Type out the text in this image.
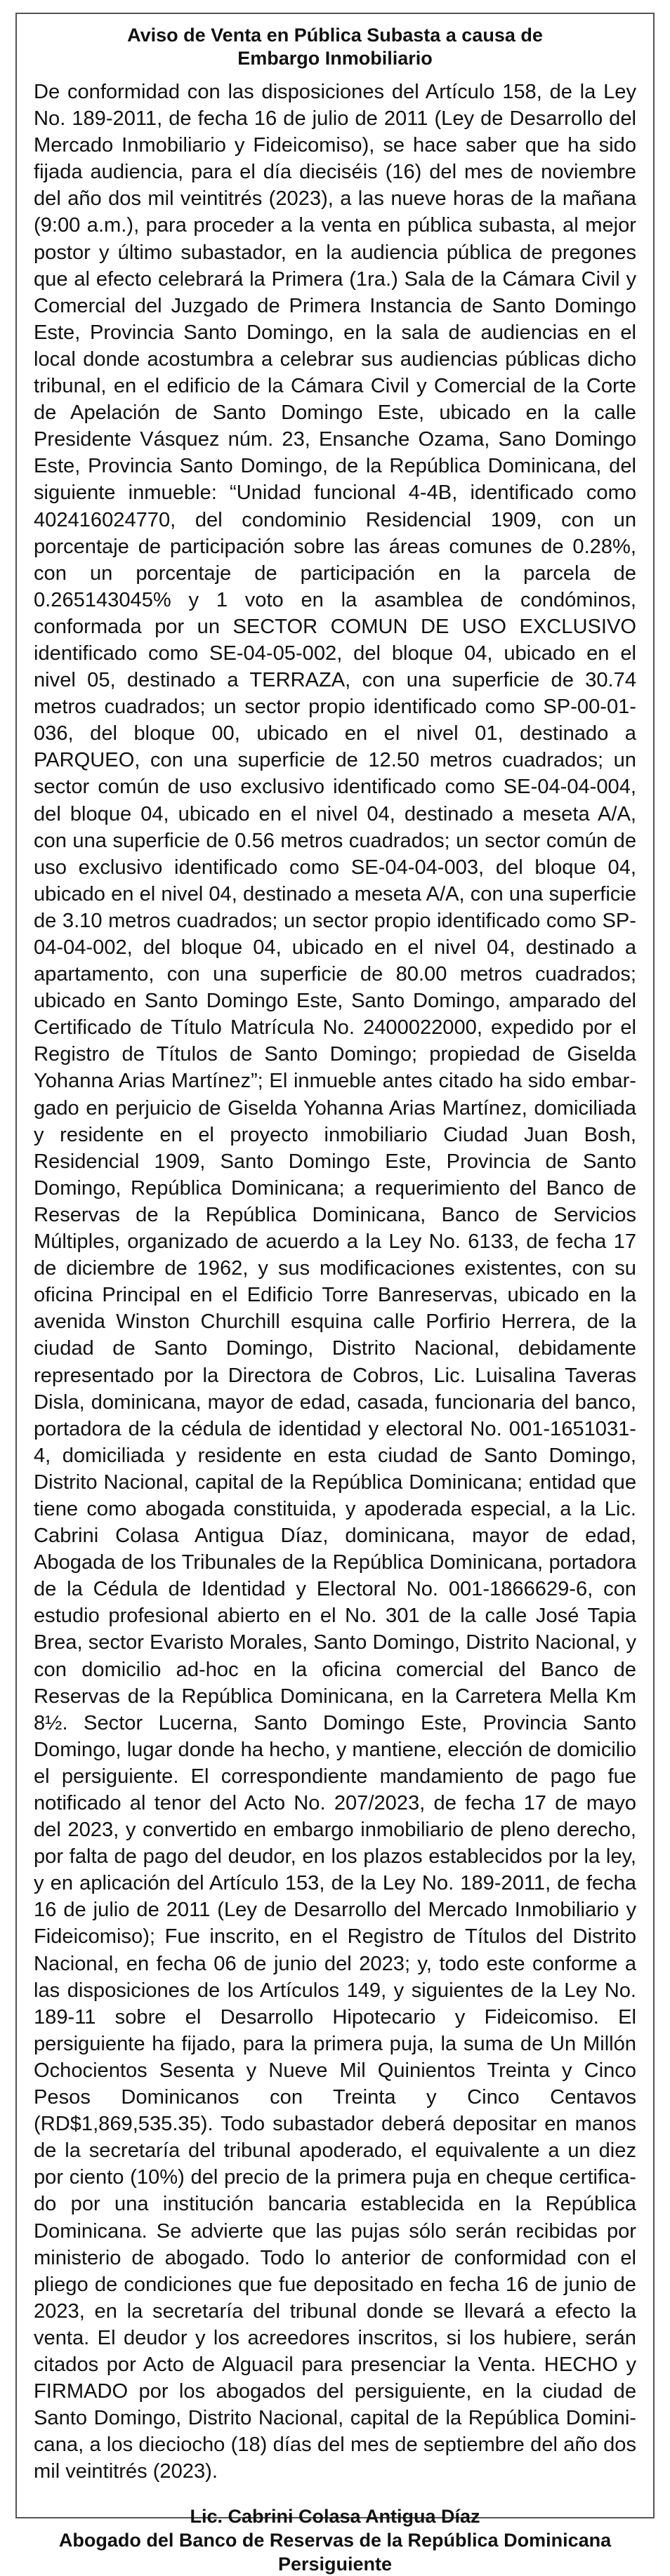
Aviso de Venta en Pública Subasta a causa de
Embargo Inmobiliario

De conformidad con las disposiciones del Artículo 158, de la Ley No. 189-2011, de fecha 16 de julio de 2011 (Ley de Desarrollo del Mercado Inmobiliario y Fideicomiso), se hace saber que ha sido fijada audiencia, para el día dieciséis (16) del mes de noviembre del año dos mil veintitrés (2023), a las nueve horas de la mañana (9:00 a.m.), para proceder a la venta en pública subasta, al mejor postor y último subastador, en la audiencia pública de pregones que al efecto celebrará la Primera (1ra.) Sala de la Cámara Civil y Comercial del Juzgado de Primera Instancia de Santo Domingo Este, Provincia Santo Domingo, en la sala de audiencias en el local donde acostumbra a celebrar sus audiencias públicas dicho tribunal, en el edificio de la Cámara Civil y Comercial de la Corte de Apelación de Santo Domingo Este, ubicado en la calle Presidente Vásquez núm. 23, Ensanche Ozama, Sano Domingo Este, Provincia Santo Domingo, de la República Dominicana, del siguiente inmueble: “Unidad funcional 4-4B, identificado como 402416024770, del condominio Residencial 1909, con un porcentaje de participación sobre las áreas comunes de 0.28%, con un porcentaje de participación en la parcela de 0.265143045% y 1 voto en la asamblea de condóminos, conformada por un SECTOR COMUN DE USO EXCLUSIVO identificado como SE-04-05-002, del bloque 04, ubicado en el nivel 05, destinado a TERRAZA, con una superficie de 30.74 metros cuadrados; un sector propio identificado como SP-00-01-036, del bloque 00, ubicado en el nivel 01, destinado a PARQUEO, con una superficie de 12.50 metros cuadrados; un sector común de uso exclusivo identificado como SE-04-04-004, del bloque 04, ubicado en el nivel 04, destinado a meseta A/A, con una superficie de 0.56 metros cuadrados; un sector común de uso exclusivo identificado como SE-04-04-003, del bloque 04, ubicado en el nivel 04, destinado a meseta A/A, con una superficie de 3.10 metros cuadrados; un sector propio identificado como SP-04-04-002, del bloque 04, ubicado en el nivel 04, destinado a apartamento, con una superficie de 80.00 metros cuadrados; ubicado en Santo Domingo Este, Santo Domingo, amparado del Certificado de Título Matrícula No. 2400022000, expedido por el Registro de Títulos de Santo Domingo; propiedad de Giselda Yohanna Arias Martínez”; El inmueble antes citado ha sido embargado en perjuicio de Giselda Yohanna Arias Martínez, domiciliada y residente en el proyecto inmobiliario Ciudad Juan Bosh, Residencial 1909, Santo Domingo Este, Provincia de Santo Domingo, República Dominicana; a requerimiento del Banco de Reservas de la República Dominicana, Banco de Servicios Múltiples, organizado de acuerdo a la Ley No. 6133, de fecha 17 de diciembre de 1962, y sus modificaciones existentes, con su oficina Principal en el Edificio Torre Banreservas, ubicado en la avenida Winston Churchill esquina calle Porfirio Herrera, de la ciudad de Santo Domingo, Distrito Nacional, debidamente representado por la Directora de Cobros, Lic. Luisalina Taveras Disla, dominicana, mayor de edad, casada, funcionaria del banco, portadora de la cédula de identidad y electoral No. 001-1651031-4, domiciliada y residente en esta ciudad de Santo Domingo, Distrito Nacional, capital de la República Dominicana; entidad que tiene como abogada constituida, y apoderada especial, a la Lic. Cabrini Colasa Antigua Díaz, dominicana, mayor de edad, Abogada de los Tribunales de la República Dominicana, portadora de la Cédula de Identidad y Electoral No. 001-1866629-6, con estudio profesional abierto en el No. 301 de la calle José Tapia Brea, sector Evaristo Morales, Santo Domingo, Distrito Nacional, y con domicilio ad-hoc en la oficina comercial del Banco de Reservas de la República Dominicana, en la Carretera Mella Km 8½. Sector Lucerna, Santo Domingo Este, Provincia Santo Domingo, lugar donde ha hecho, y mantiene, elección de domicilio el persiguiente. El correspondiente mandamiento de pago fue notificado al tenor del Acto No. 207/2023, de fecha 17 de mayo del 2023, y convertido en embargo inmobiliario de pleno derecho, por falta de pago del deudor, en los plazos establecidos por la ley, y en aplicación del Artículo 153, de la Ley No. 189-2011, de fecha 16 de julio de 2011 (Ley de Desarrollo del Mercado Inmobiliario y Fideicomiso); Fue inscrito, en el Registro de Títulos del Distrito Nacional, en fecha 06 de junio del 2023; y, todo este conforme a las disposiciones de los Artículos 149, y siguientes de la Ley No. 189-11 sobre el Desarrollo Hipotecario y Fideicomiso. El persiguiente ha fijado, para la primera puja, la suma de Un Millón Ochocientos Sesenta y Nueve Mil Quinientos Treinta y Cinco Pesos Dominicanos con Treinta y Cinco Centavos (RD$1,869,535.35). Todo subastador deberá depositar en manos de la secretaría del tribunal apoderado, el equivalente a un diez por ciento (10%) del precio de la primera puja en cheque certificado por una institución bancaria establecida en la República Dominicana. Se advierte que las pujas sólo serán recibidas por ministerio de abogado. Todo lo anterior de conformidad con el pliego de condiciones que fue depositado en fecha 16 de junio de 2023, en la secretaría del tribunal donde se llevará a efecto la venta. El deudor y los acreedores inscritos, si los hubiere, serán citados por Acto de Alguacil para presenciar la Venta. HECHO y FIRMADO por los abogados del persiguiente, en la ciudad de Santo Domingo, Distrito Nacional, capital de la República Dominicana, a los dieciocho (18) días del mes de septiembre del año dos mil veintitrés (2023).

Lic. Cabrini Colasa Antigua Díaz
Abogado del Banco de Reservas de la República Dominicana
Persiguiente
